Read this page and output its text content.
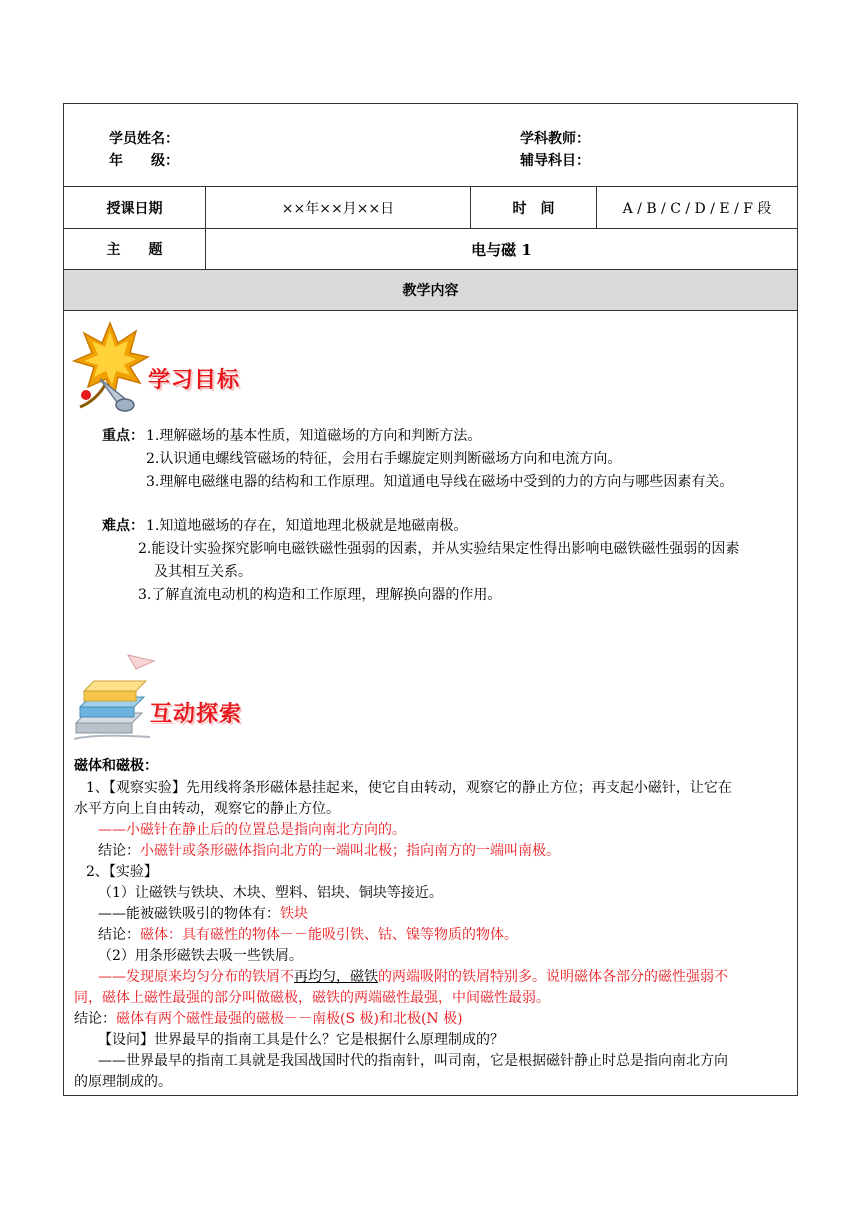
学员姓名：
年　　级：
学科教师：
辅导科目：
授课日期	××年××月××日	时　间	A / B / C / D / E / F 段
主　　题	电与磁 1
教学内容
学习目标
重点： 1.理解磁场的基本性质，知道磁场的方向和判断方法。
2.认识通电螺线管磁场的特征，会用右手螺旋定则判断磁场方向和电流方向。
3.理解电磁继电器的结构和工作原理。知道通电导线在磁场中受到的力的方向与哪些因素有关。
难点： 1.知道地磁场的存在，知道地理北极就是地磁南极。
2.能设计实验探究影响电磁铁磁性强弱的因素，并从实验结果定性得出影响电磁铁磁性强弱的因素
及其相互关系。
3.了解直流电动机的构造和工作原理，理解换向器的作用。
互动探索
磁体和磁极：
1、【观察实验】先用线将条形磁体悬挂起来，使它自由转动，观察它的静止方位；再支起小磁针，让它在
水平方向上自由转动，观察它的静止方位。
——小磁针在静止后的位置总是指向南北方向的。
结论：小磁针或条形磁体指向北方的一端叫北极；指向南方的一端叫南极。
2、【实验】
（1）让磁铁与铁块、木块、塑料、铝块、铜块等接近。
——能被磁铁吸引的物体有：铁块
结论：磁体：具有磁性的物体－－能吸引铁、钴、镍等物质的物体。
（2）用条形磁铁去吸一些铁屑。
——发现原来均匀分布的铁屑不再均匀，磁铁的两端吸附的铁屑特别多。说明磁体各部分的磁性强弱不
同，磁体上磁性最强的部分叫做磁极，磁铁的两端磁性最强，中间磁性最弱。
结论：磁体有两个磁性最强的磁极－－南极(S 极)和北极(N 极)
【设问】世界最早的指南工具是什么？它是根据什么原理制成的？
——世界最早的指南工具就是我国战国时代的指南针，叫司南，它是根据磁针静止时总是指向南北方向
的原理制成的。
